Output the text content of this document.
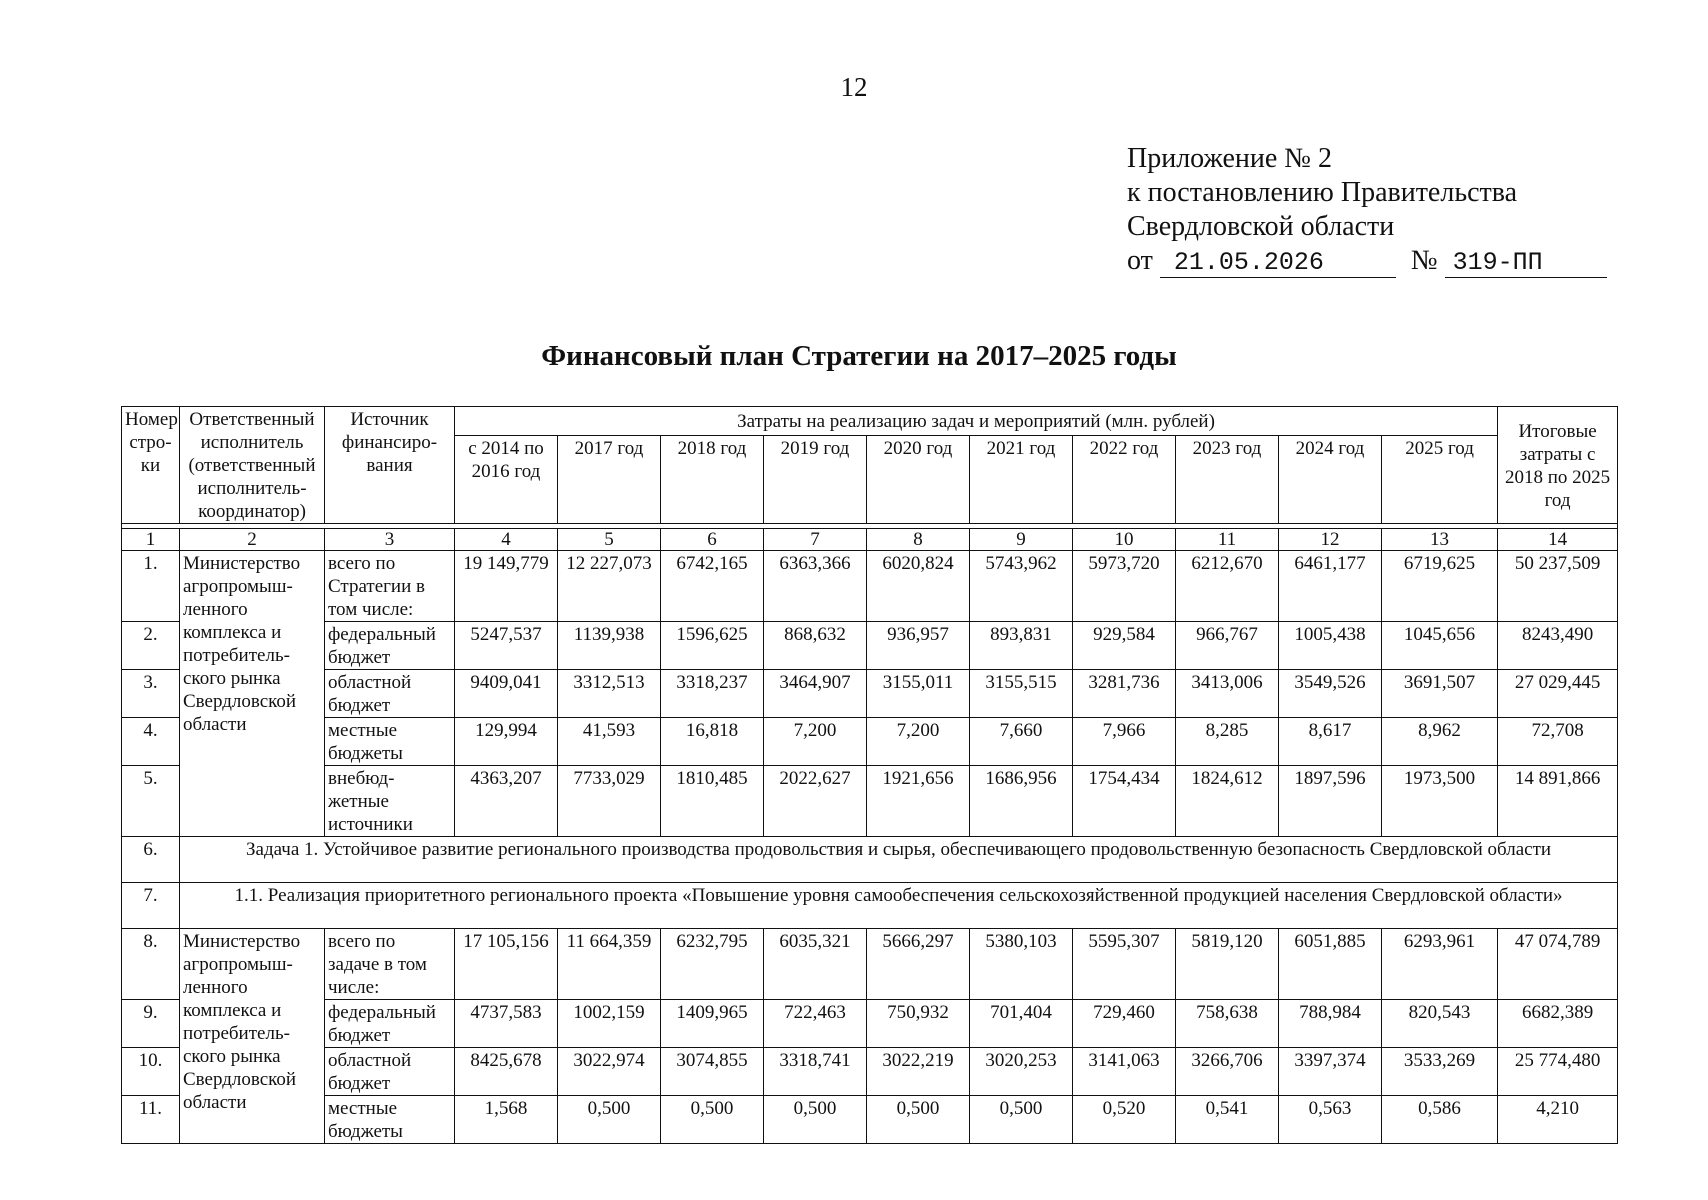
12
Приложение № 2
к постановлению Правительства
Свердловской области
от 21.05.2026	№ 319-ПП
Финансовый план Стратегии на 2017–2025 годы
Номер стро-ки	Ответственный исполнитель (ответственный исполнитель-координатор)	Источник финансиро-вания	Затраты на реализацию задач и мероприятий (млн. рублей)										Итоговые затраты с 2018 по 2025 год
			с 2014 по 2016 год	2017 год	2018 год	2019 год	2020 год	2021 год	2022 год	2023 год	2024 год	2025 год	

1	2	3	4	5	6	7	8	9	10	11	12	13	14
1.	Министерство агропромыш-ленного комплекса и потребитель-ского рынка Свердловской области	всего по Стратегии в том числе:	19 149,779	12 227,073	6742,165	6363,366	6020,824	5743,962	5973,720	6212,670	6461,177	6719,625	50 237,509
2.		федеральный бюджет	5247,537	1139,938	1596,625	868,632	936,957	893,831	929,584	966,767	1005,438	1045,656	8243,490
3.		областной бюджет	9409,041	3312,513	3318,237	3464,907	3155,011	3155,515	3281,736	3413,006	3549,526	3691,507	27 029,445
4.		местные бюджеты	129,994	41,593	16,818	7,200	7,200	7,660	7,966	8,285	8,617	8,962	72,708
5.		внебюд-жетные источники	4363,207	7733,029	1810,485	2022,627	1921,656	1686,956	1754,434	1824,612	1897,596	1973,500	14 891,866
6.	Задача 1. Устойчивое развитие регионального производства продовольствия и сырья, обеспечивающего продовольственную безопасность Свердловской области												
7.	1.1. Реализация приоритетного регионального проекта «Повышение уровня самообеспечения сельскохозяйственной продукцией населения Свердловской области»												
8.	Министерство агропромыш-ленного комплекса и потребитель-ского рынка Свердловской области	всего по задаче в том числе:	17 105,156	11 664,359	6232,795	6035,321	5666,297	5380,103	5595,307	5819,120	6051,885	6293,961	47 074,789
9.		федеральный бюджет	4737,583	1002,159	1409,965	722,463	750,932	701,404	729,460	758,638	788,984	820,543	6682,389
10.		областной бюджет	8425,678	3022,974	3074,855	3318,741	3022,219	3020,253	3141,063	3266,706	3397,374	3533,269	25 774,480
11.		местные бюджеты	1,568	0,500	0,500	0,500	0,500	0,500	0,520	0,541	0,563	0,586	4,210
